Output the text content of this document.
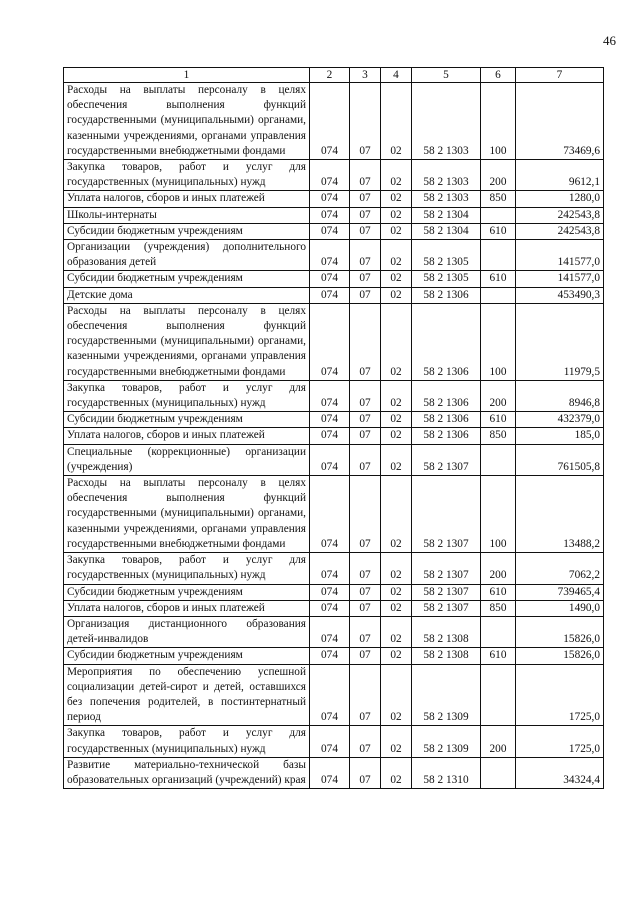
46
1	2	3	4	5	6	7
Расходы на выплаты персоналу в целях обеспечения выполнения функций государственными (муниципальными) органами, казенными учреждениями, органами управления государственными внебюджетными фондами	074	07	02	58 2 1303	100	73469,6
Закупка товаров, работ и услуг для государственных (муниципальных) нужд	074	07	02	58 2 1303	200	9612,1
Уплата налогов, сборов и иных платежей	074	07	02	58 2 1303	850	1280,0
Школы-интернаты	074	07	02	58 2 1304		242543,8
Субсидии бюджетным учреждениям	074	07	02	58 2 1304	610	242543,8
Организации (учреждения) дополнительного образования детей	074	07	02	58 2 1305		141577,0
Субсидии бюджетным учреждениям	074	07	02	58 2 1305	610	141577,0
Детские дома	074	07	02	58 2 1306		453490,3
Расходы на выплаты персоналу в целях обеспечения выполнения функций государственными (муниципальными) органами, казенными учреждениями, органами управления государственными внебюджетными фондами	074	07	02	58 2 1306	100	11979,5
Закупка товаров, работ и услуг для государственных (муниципальных) нужд	074	07	02	58 2 1306	200	8946,8
Субсидии бюджетным учреждениям	074	07	02	58 2 1306	610	432379,0
Уплата налогов, сборов и иных платежей	074	07	02	58 2 1306	850	185,0
Специальные (коррекционные) организации (учреждения)	074	07	02	58 2 1307		761505,8
Расходы на выплаты персоналу в целях обеспечения выполнения функций государственными (муниципальными) органами, казенными учреждениями, органами управления государственными внебюджетными фондами	074	07	02	58 2 1307	100	13488,2
Закупка товаров, работ и услуг для государственных (муниципальных) нужд	074	07	02	58 2 1307	200	7062,2
Субсидии бюджетным учреждениям	074	07	02	58 2 1307	610	739465,4
Уплата налогов, сборов и иных платежей	074	07	02	58 2 1307	850	1490,0
Организация дистанционного образования детей-инвалидов	074	07	02	58 2 1308		15826,0
Субсидии бюджетным учреждениям	074	07	02	58 2 1308	610	15826,0
Мероприятия по обеспечению успешной социализации детей-сирот и детей, оставшихся без попечения родителей, в постинтернатный период	074	07	02	58 2 1309		1725,0
Закупка товаров, работ и услуг для государственных (муниципальных) нужд	074	07	02	58 2 1309	200	1725,0
Развитие материально-технической базы образовательных организаций (учреждений) края	074	07	02	58 2 1310		34324,4
